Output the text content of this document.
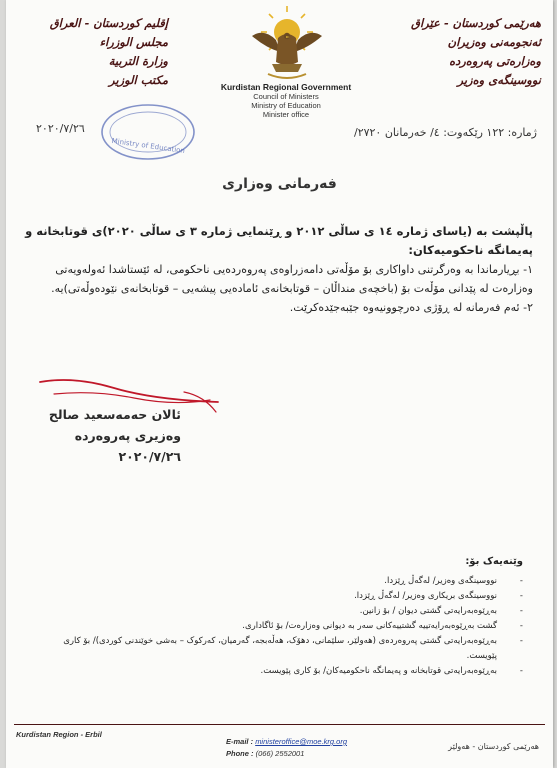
هەرێمی کوردستان - عێراق
ئەنجومەنی وەزیران
وەزارەتی پەروەردە
نووسینگەی وەزیر
إقليم كوردستان - العراق
مجلس الوزراء
وزارة التربية
مكتب الوزير	Kurdistan Regional Government
Council of Ministers
Ministry of Education
Minister office
Ministry of Education
ژمارە: ١٢٢ رێکەوت: ٤/ خەرمانان ٢٧٢٠/
٢٠٢٠/٧/٢٦
فەرمانی وەزاری

پاڵپشت بە (یاسای ژمارە ١٤ ی ساڵی ٢٠١٢ و ڕێنمایی ژمارە ٣ ی ساڵی ٢٠٢٠)ی قوتابخانە و پەیمانگە ناحکومیەکان:

١- بڕیارماندا بە وەرگرتنی داواکاری بۆ مۆڵەتی دامەزراوەی پەروەردەیی ناحکومی، لە ئێستاشدا ئەولەویەتی وەزارەت لە پێدانی مۆڵەت بۆ (باخچەی منداڵان – قوتابخانەی ئامادەیی پیشەیی – قوتابخانەی نێودەوڵەتی)یە.

٢- ئەم فەرمانە لە ڕۆژی دەرچوونیەوە جێبەجێدەکرێت.

ئالان حەمەسعید صالح
وەزیری پەروەردە
٢٠٢٠/٧/٢٦
وێنەیەک بۆ:
-
نووسینگەی وەزیر/ لەگەڵ ڕێزدا.
-
نووسینگەی بریکاری وەزیر/ لەگەڵ ڕێزدا.
-
بەڕێوەبەرایەتی گشتی دیوان / بۆ زانین.
-
گشت بەڕێوەبەرایەتییە گشتییەکانی سەر بە دیوانی وەزارەت/ بۆ ئاگاداری.
-
بەڕێوەبەرایەتی گشتی پەروەردەی (هەولێر، سلێمانی، دهۆک، هەڵەبجە، گەرمیان، کەرکوک – بەشی خوێندنی کوردی)/ بۆ کاری پێویست.
-
بەڕێوەبەرایەتی قوتابخانە و پەیمانگە ناحکومیەکان/ بۆ کاری پێویست.
Kurdistan Region - Erbil
E-mail : ministeroffice@moe.krg.org
Phone : (066) 2552001
هەرێمی کوردستان - هەولێر
